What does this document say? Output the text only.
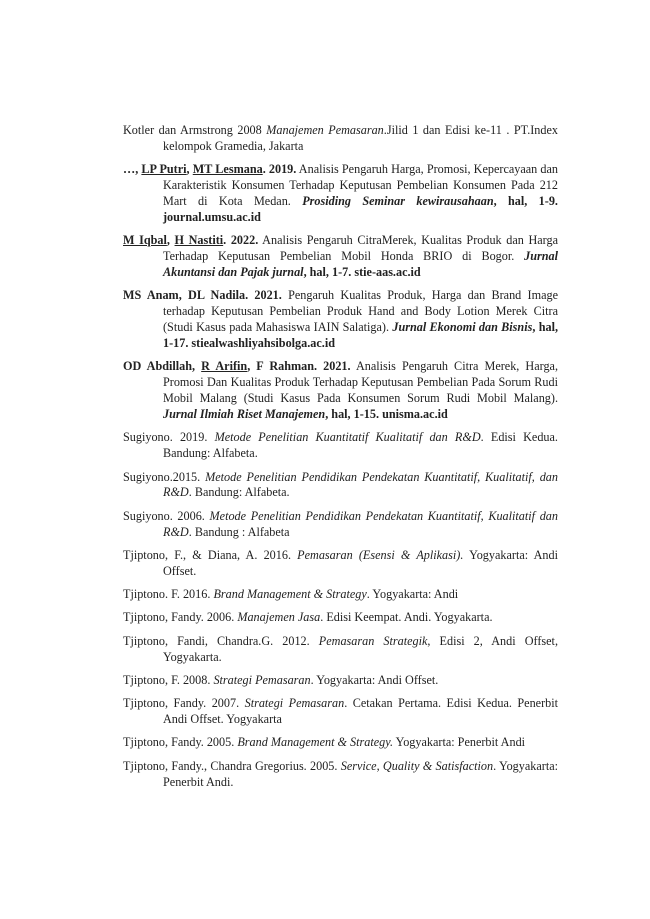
Kotler dan Armstrong 2008 Manajemen Pemasaran.Jilid 1 dan Edisi ke-11 . PT.Index kelompok Gramedia, Jakarta

…, LP Putri, MT Lesmana. 2019. Analisis Pengaruh Harga, Promosi, Kepercayaan dan Karakteristik Konsumen Terhadap Keputusan Pembelian Konsumen Pada 212 Mart di Kota Medan. Prosiding Seminar kewirausahaan, hal, 1-9. journal.umsu.ac.id

M Iqbal, H Nastiti. 2022. Analisis Pengaruh CitraMerek, Kualitas Produk dan Harga Terhadap Keputusan Pembelian Mobil Honda BRIO di Bogor. Jurnal Akuntansi dan Pajak jurnal, hal, 1-7. stie-aas.ac.id

MS Anam, DL Nadila. 2021. Pengaruh Kualitas Produk, Harga dan Brand Image terhadap Keputusan Pembelian Produk Hand and Body Lotion Merek Citra (Studi Kasus pada Mahasiswa IAIN Salatiga). Jurnal Ekonomi dan Bisnis, hal, 1-17. stiealwashliyahsibolga.ac.id

OD Abdillah, R Arifin, F Rahman. 2021. Analisis Pengaruh Citra Merek, Harga, Promosi Dan Kualitas Produk Terhadap Keputusan Pembelian Pada Sorum Rudi Mobil Malang (Studi Kasus Pada Konsumen Sorum Rudi Mobil Malang). Jurnal Ilmiah Riset Manajemen, hal, 1-15. unisma.ac.id

Sugiyono. 2019. Metode Penelitian Kuantitatif Kualitatif dan R&D. Edisi Kedua. Bandung: Alfabeta.

Sugiyono.2015. Metode Penelitian Pendidikan Pendekatan Kuantitatif, Kualitatif, dan R&D. Bandung: Alfabeta.

Sugiyono. 2006. Metode Penelitian Pendidikan Pendekatan Kuantitatif, Kualitatif dan R&D. Bandung : Alfabeta

Tjiptono, F., & Diana, A. 2016. Pemasaran (Esensi & Aplikasi). Yogyakarta: Andi Offset.

Tjiptono. F. 2016. Brand Management & Strategy. Yogyakarta: Andi

Tjiptono, Fandy. 2006. Manajemen Jasa. Edisi Keempat. Andi. Yogyakarta.

Tjiptono, Fandi, Chandra.G. 2012. Pemasaran Strategik, Edisi 2, Andi Offset, Yogyakarta.

Tjiptono, F. 2008. Strategi Pemasaran. Yogyakarta: Andi Offset.

Tjiptono, Fandy. 2007. Strategi Pemasaran. Cetakan Pertama. Edisi Kedua. Penerbit Andi Offset. Yogyakarta

Tjiptono, Fandy. 2005. Brand Management & Strategy. Yogyakarta: Penerbit Andi

Tjiptono, Fandy., Chandra Gregorius. 2005. Service, Quality & Satisfaction. Yogyakarta: Penerbit Andi.
